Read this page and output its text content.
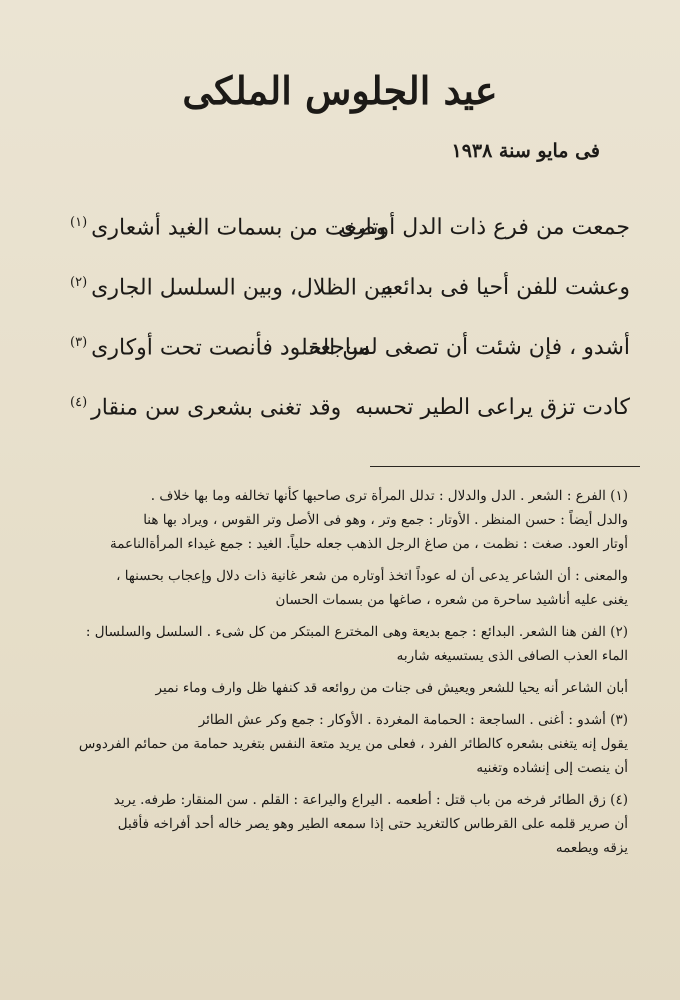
عيد الجلوس الملكى
فى مايو سنة ١٩٣٨
جمعت من فرع ذات الدل أوتارى
وصغت من بسمات الغيد أشعارى$^{(١)}$
وعشت للفن أحيا فى بدائعه
بين الظلال، وبين السلسل الجارى$^{(٢)}$
أشدو ، فإن شئت أن تصغى لساجعة
من الخلود فأنصت تحت أوكارى$^{(٣)}$
كادت تزق يراعى الطير تحسبه
وقد تغنى بشعرى سن منقار$^{(٤)}$

(١) الفرع : الشعر . الدل والدلال : تدلل المرأة ترى صاحبها كأنها تخالفه وما بها خلاف .
والدل أيضاً : حسن المنظر . الأوتار : جمع وتر ، وهو فى الأصل وتر القوس ، ويراد بها هنا
أوتار العود. صغت : نظمت ، من صاغ الرجل الذهب جعله حلياً. الغيد : جمع غيداء المرأةالناعمة

والمعنى : أن الشاعر يدعى أن له عوداً اتخذ أوتاره من شعر غانية ذات دلال وإعجاب بحسنها ،
يغنى عليه أناشيد ساحرة من شعره ، صاغها من بسمات الحسان

(٢) الفن هنا الشعر. البدائع : جمع بديعة وهى المخترع المبتكر من كل شىء . السلسل والسلسال :
الماء العذب الصافى الذى يستسيغه شاربه

أبان الشاعر أنه يحيا للشعر ويعيش فى جنات من روائعه قد كنفها ظل وارف وماء نمير

(٣) أشدو : أغنى . الساجعة : الحمامة المغردة . الأوكار : جمع وكر عش الطائر
يقول إنه يتغنى بشعره كالطائر الفرد ، فعلى من يريد متعة النفس بتغريد حمامة من حمائم الفردوس
أن ينصت إلى إنشاده وتغنيه

(٤) زق الطائر فرخه من باب قتل : أطعمه . اليراع واليراعة : القلم . سن المنقار: طرفه. يريد
أن صرير قلمه على القرطاس كالتغريد حتى إذا سمعه الطير وهو يصر خاله أحد أفراخه فأقبل
يزقه ويطعمه
